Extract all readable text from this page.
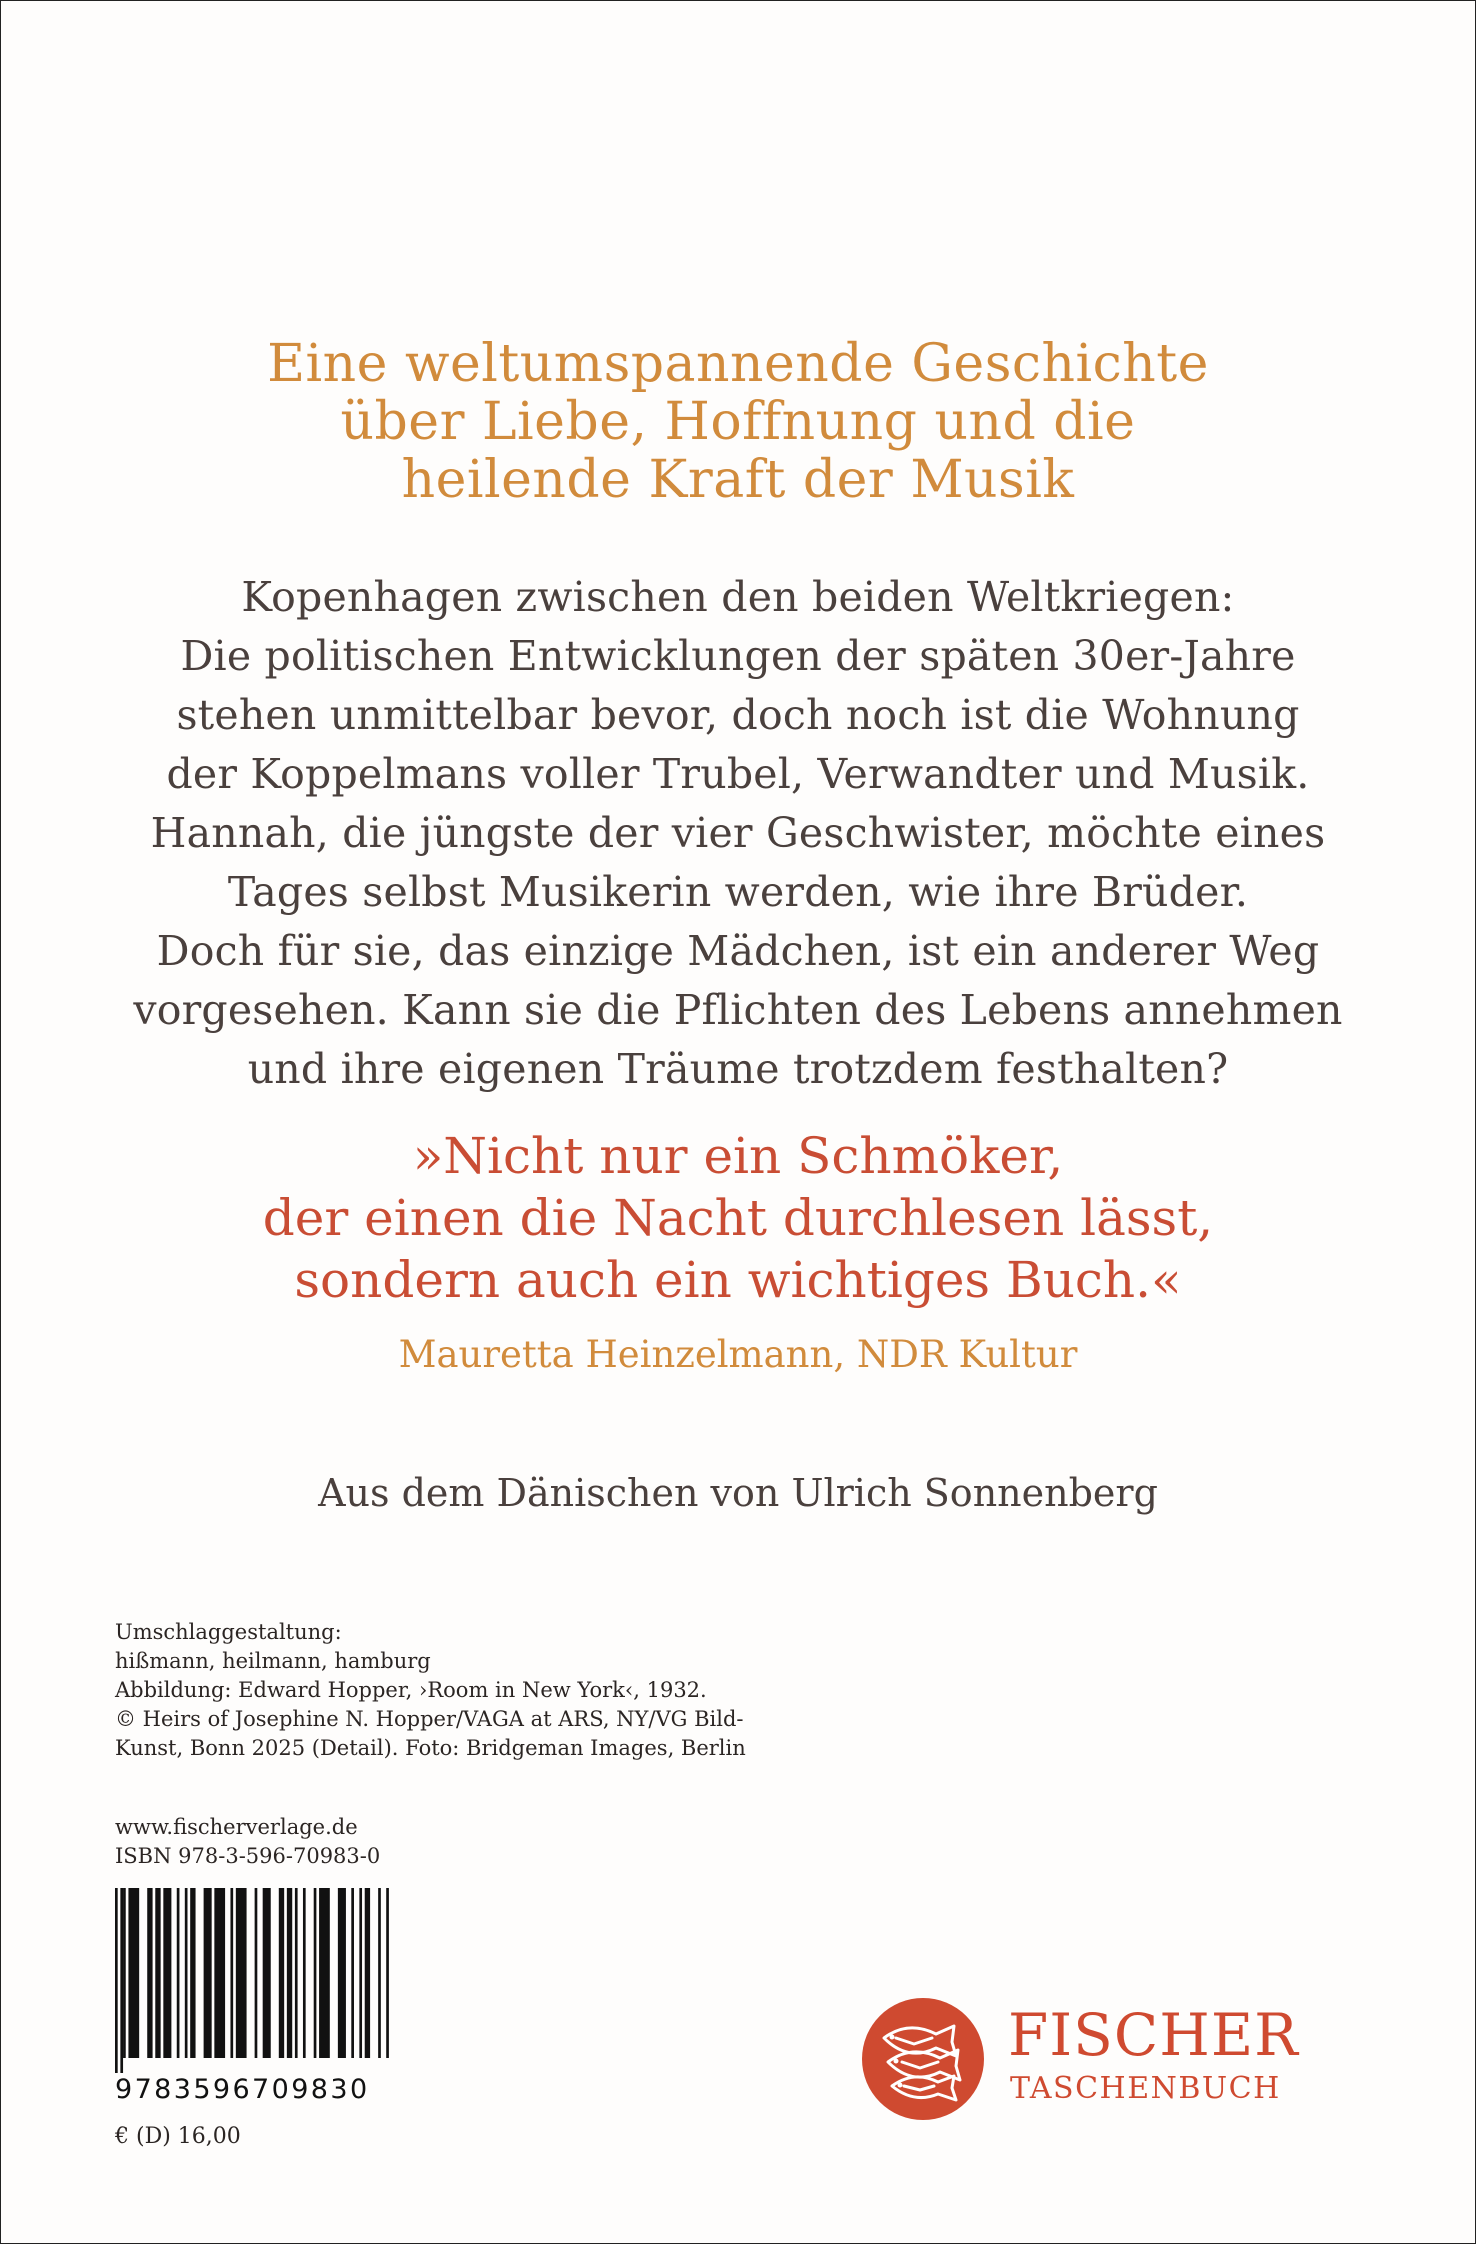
Eine weltumspannende Geschichte
über Liebe, Hoffnung und die
heilende Kraft der Musik
Kopenhagen zwischen den beiden Weltkriegen:
Die politischen Entwicklungen der späten 30er-Jahre
stehen unmittelbar bevor, doch noch ist die Wohnung
der Koppelmans voller Trubel, Verwandter und Musik.
Hannah, die jüngste der vier Geschwister, möchte eines
Tages selbst Musikerin werden, wie ihre Brüder.
Doch für sie, das einzige Mädchen, ist ein anderer Weg
vorgesehen. Kann sie die Pflichten des Lebens annehmen
und ihre eigenen Träume trotzdem festhalten?
»Nicht nur ein Schmöker,
der einen die Nacht durchlesen lässt,
sondern auch ein wichtiges Buch.«
Mauretta Heinzelmann, NDR Kultur
Aus dem Dänischen von Ulrich Sonnenberg
Umschlaggestaltung:
hißmann, heilmann, hamburg
Abbildung: Edward Hopper, ›Room in New York‹, 1932.
© Heirs of Josephine N. Hopper/VAGA at ARS, NY/VG Bild-
Kunst, Bonn 2025 (Detail). Foto: Bridgeman Images, Berlin
www.fischerverlage.de
ISBN 978-3-596-70983-0
9783596709830
€ (D) 16,00
FISCHER
TASCHENBUCH
